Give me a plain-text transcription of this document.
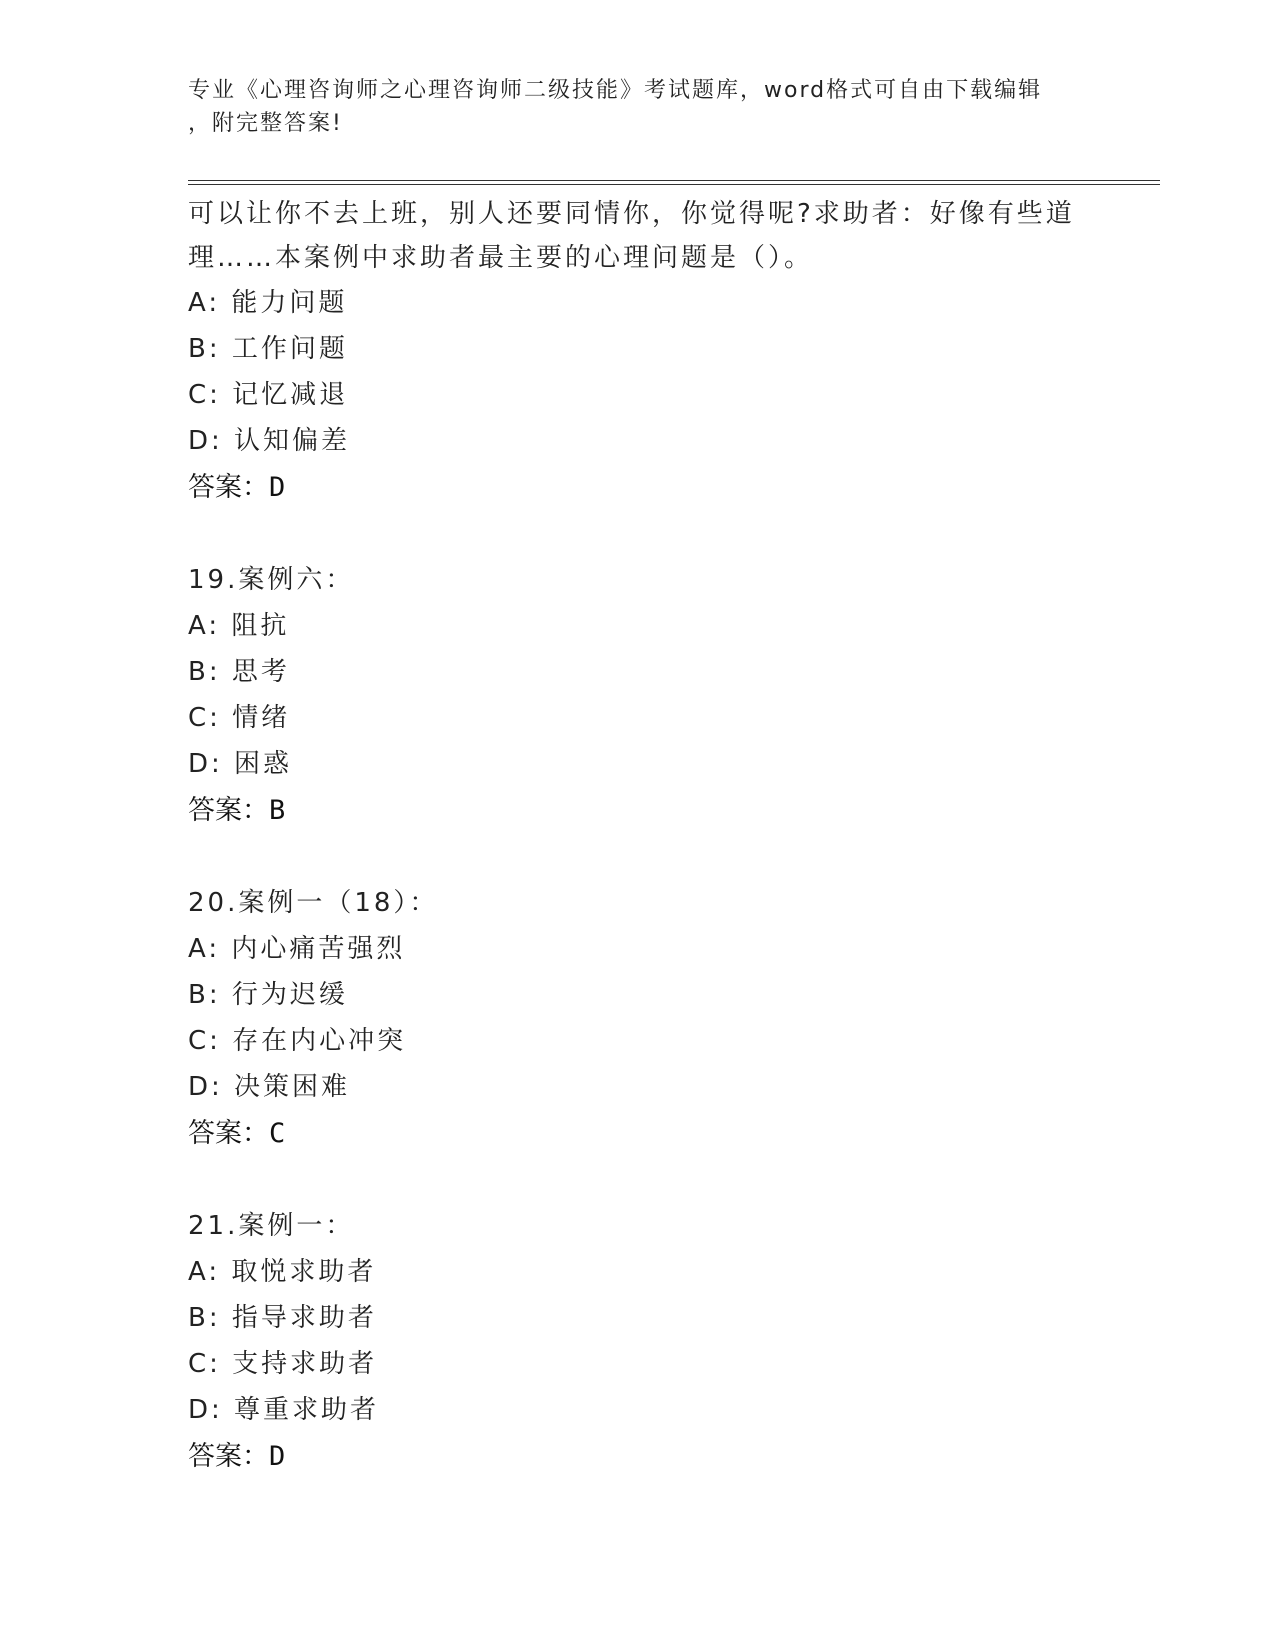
专业《心理咨询师之心理咨询师二级技能》考试题库，word格式可自由下载编辑
，附完整答案!

可以让你不去上班，别人还要同情你，你觉得呢?求助者：好像有些道

理……本案例中求助者最主要的心理问题是（）。

A: 能力问题
B: 工作问题
C: 记忆减退
D: 认知偏差
答案：D
19.案例六：
A: 阻抗
B: 思考
C: 情绪
D: 困惑
答案：B
20.案例一（18）：
A: 内心痛苦强烈
B: 行为迟缓
C: 存在内心冲突
D: 决策困难
答案：C
21.案例一：
A: 取悦求助者
B: 指导求助者
C: 支持求助者
D: 尊重求助者
答案：D
